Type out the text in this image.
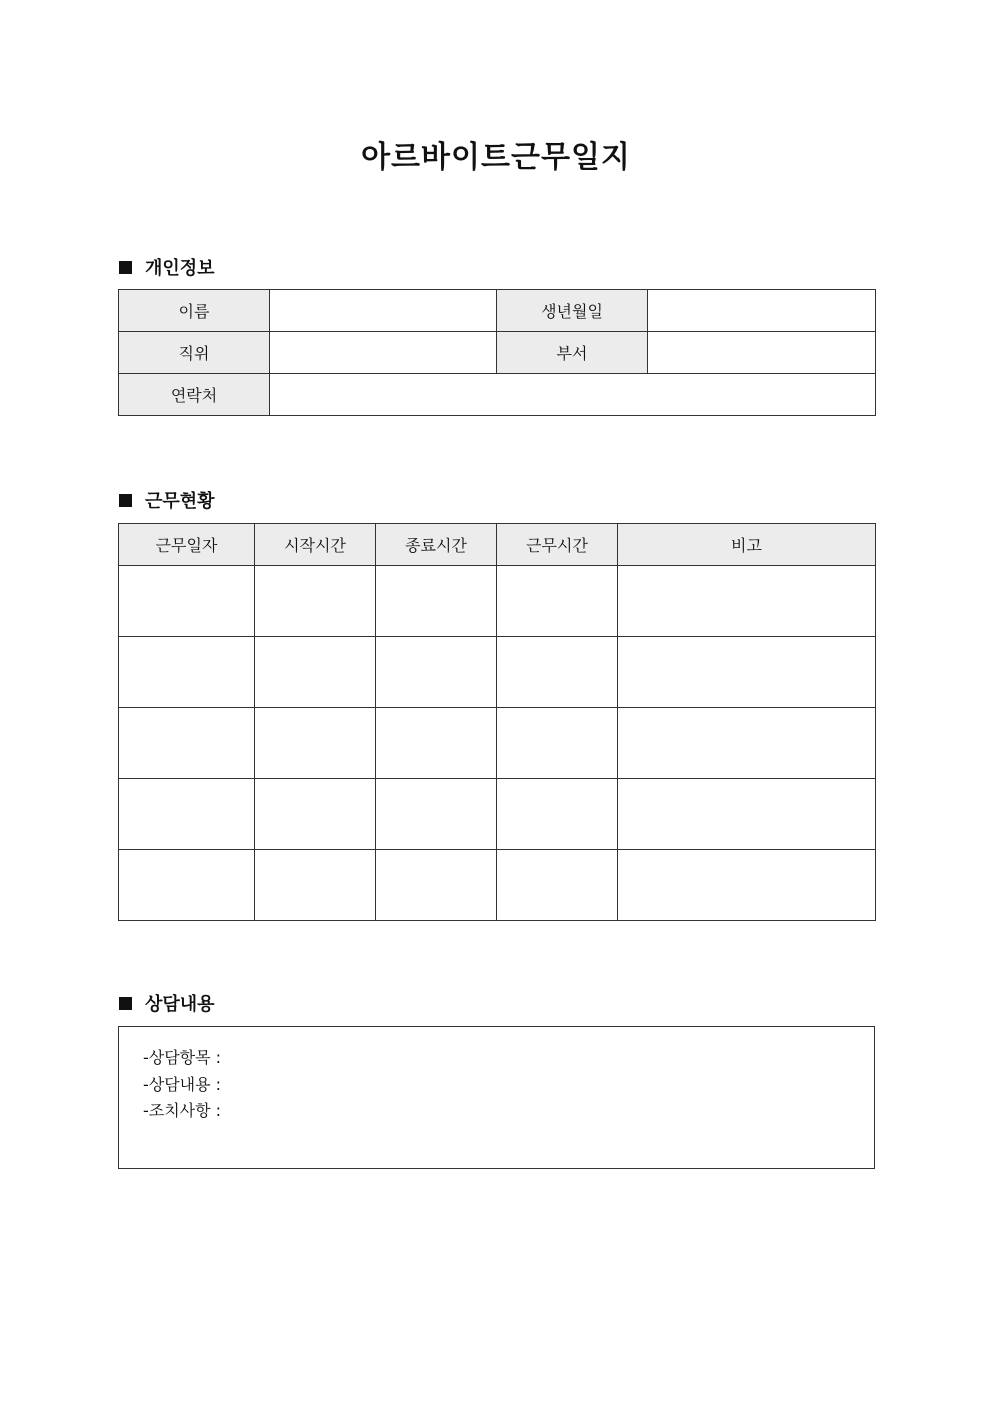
아르바이트근무일지
개인정보
이름		생년월일	
직위		부서	
연락처			
근무현황
근무일자	시작시간	종료시간	근무시간	비고

상담내용
-상담항목 :
-상담내용 :
-조치사항 :
